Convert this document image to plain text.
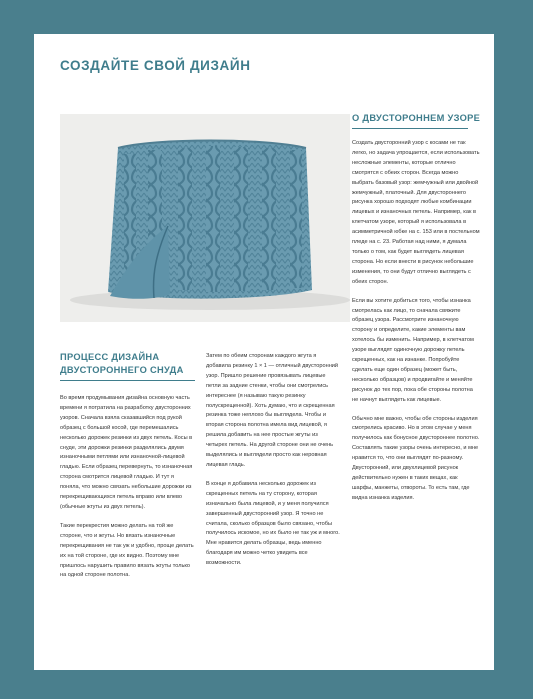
СОЗДАЙТЕ СВОЙ ДИЗАЙН
О ДВУСТОРОННЕМ УЗОРЕ

Создать двусторонний узор с косами не так легко, но задача упрощается, если использовать несложные элементы, которые отлично смотрятся с обеих сторон. Всегда можно выбрать базовый узор: жемчужный или двойной жемчужный, платочный. Для двустороннего рисунка хорошо подходят любые комбинации лицевых и изнаночных петель. Например, как в клетчатом узоре, который я использовала в асимметричной юбке на с. 153 или в постельном пледе на с. 23. Работая над ними, я думала только о том, как будет выглядеть лицевая сторона. Но если внести в рисунок небольшие изменения, то они будут отлично выглядеть с обеих сторон.

Если вы хотите добиться того, чтобы изнанка смотрелась как лицо, то сначала свяжите образец узора. Рассмотрите изнаночную сторону и определите, какие элементы вам хотелось бы изменить. Например, в клетчатом узоре выглядят одиночную дорожку петель скрещенных, как на изнанке. Попробуйте сделать еще один образец (может быть, несколько образцов) и продвигайте и меняйте рисунок до тех пор, пока обе стороны полотна не начнут выглядеть как лицевые.

Обычно мне важно, чтобы обе стороны изделия смотрелись красиво. Но в этом случае у меня получилось как бонусное двустороннее полотно. Составлять такие узоры очень интересно, и мне нравится то, что они выглядят по-разному. Двусторонний, или двухлицевой рисунок действительно нужен в таких вещах, как шарфы, манжеты, отвороты. То есть там, где видна изнанка изделия.

ПРОЦЕСС ДИЗАЙНА
ДВУСТОРОННЕГО СНУДА

Во время продумывания дизайна основную часть времени я потратила на разработку двусторонних узоров. Сначала взяла сказавшийся под рукой образец с большой косой, где перемешались несколько дорожек резинки из двух петель. Косы в снуде, эти дорожки резинки разделялись двумя изнаночными петлями или изнаночной-лицевой гладью. Если образец перевернуть, то изнаночная сторона смотрится лицевой гладью. И тут я поняла, что можно связать небольшие дорожки из перекрещивающихся петель вправо или влево (обычные жгуты из двух петель).

Такие перекрестия можно делать на той же стороне, что и жгуты. Но вязать изнаночные перекрещивания не так уж и удобно, проще делать их на той стороне, где их видно. Поэтому мне пришлось нарушить правило вязать жгуты только на одной стороне полотна.

Затем по обеим сторонам каждого жгута я добавила резинку 1 × 1 — отличный двусторонний узор. Пришло решение провязывать лицевые петли за задние стенки, чтобы они смотрелись интереснее (я называю такую резинку полускрещенной). Хоть думаю, что и скрещенная резинка тоже неплохо бы выглядела. Чтобы и вторая сторона полотна имела вид лицевой, я решила добавить на нее простые жгуты из четырех петель. На другой стороне они не очень выделялись и выглядели просто как неровная лицевая гладь.

В конце я добавила несколько дорожек из скрещенных петель на ту сторону, которая изначально была лицевой, и у меня получился завершенный двусторонний узор. Я точно не считала, сколько образцов было связано, чтобы получилось искомое, но их было не так уж и много. Мне нравится делать образцы, ведь именно благодаря им можно четко увидеть все возможности.
